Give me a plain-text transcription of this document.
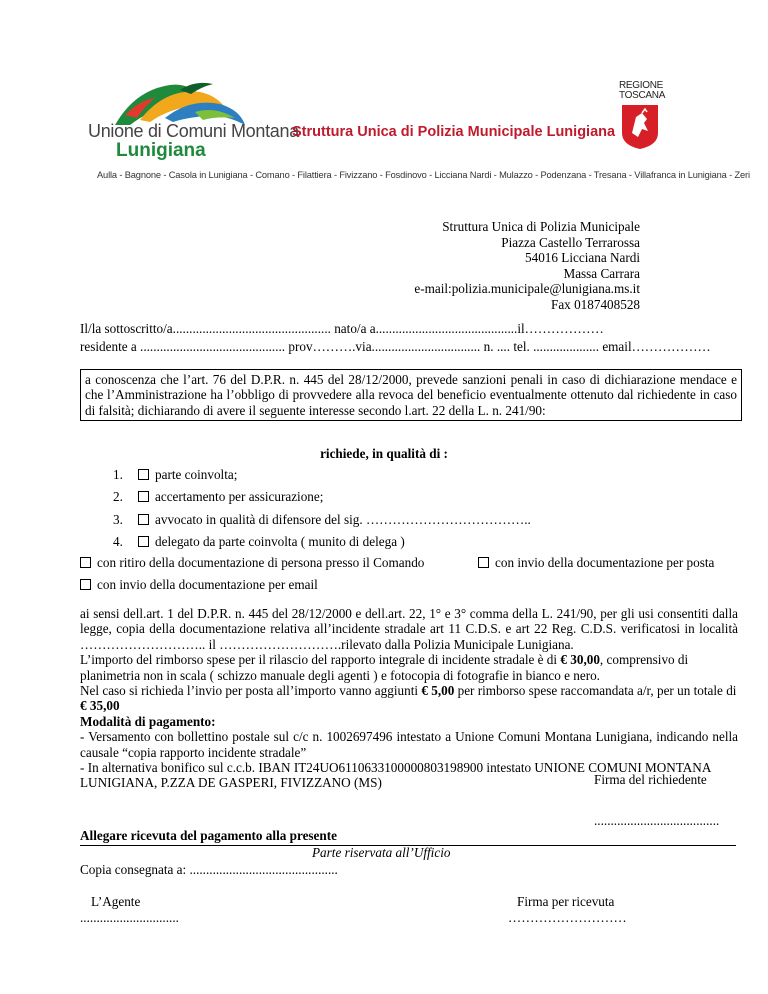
Unione di Comuni Montana
Lunigiana
Struttura Unica di Polizia Municipale Lunigiana
REGIONE
TOSCANA
Aulla - Bagnone - Casola in Lunigiana - Comano - Filattiera - Fivizzano - Fosdinovo - Licciana Nardi - Mulazzo - Podenzana - Tresana - Villafranca in Lunigiana - Zeri
Struttura Unica di Polizia Municipale
Piazza Castello Terrarossa
54016 Licciana Nardi
Massa Carrara
e-mail:polizia.municipale@lunigiana.ms.it
Fax 0187408528
Il/la sottoscritto/a................................................ nato/a a...........................................il………………
residente a ............................................ prov……….via................................. n. .... tel. .................... email………………
a conoscenza che l’art. 76 del D.P.R. n. 445 del 28/12/2000, prevede sanzioni penali in caso di dichiarazione mendace e che l’Amministrazione ha l’obbligo di provvedere alla revoca del beneficio eventualmente ottenuto dal richiedente in caso di falsità; dichiarando di avere il seguente interesse secondo l.art. 22 della L. n. 241/90:
richiede, in qualità di :
1. parte coinvolta;
2. accertamento per assicurazione;
3. avvocato in qualità di difensore del sig. ………………………………..
4. delegato da parte coinvolta ( munito di delega )
con ritiro della documentazione di persona presso il Comando	con invio della documentazione per posta
con invio della documentazione per email

ai sensi dell.art. 1 del D.P.R. n. 445 del 28/12/2000 e dell.art. 22, 1° e 3° comma della L. 241/90, per gli usi consentiti dalla legge, copia della documentazione relativa all’incidente stradale art 11 C.D.S. e art 22 Reg. C.D.S. verificatosi in località ……………………….. il ……………………….rilevato dalla Polizia Municipale Lunigiana.

L’importo del rimborso spese per il rilascio del rapporto integrale di incidente stradale è di € 30,00, comprensivo di planimetria non in scala ( schizzo manuale degli agenti ) e fotocopia di fotografie in bianco e nero.

Nel caso si richieda l’invio per posta all’importo vanno aggiunti € 5,00 per rimborso spese raccomandata a/r, per un totale di € 35,00

Modalità di pagamento:

- Versamento con bollettino postale sul c/c n. 1002697496 intestato a Unione Comuni Montana Lunigiana, indicando nella causale “copia rapporto incidente stradale”

- In alternativa bonifico sul c.c.b. IBAN IT24UO6110633100000803198900 intestato UNIONE COMUNI MONTANA LUNIGIANA, P.ZZA DE GASPERI, FIVIZZANO (MS)	Firma del richiedente
......................................
Allegare ricevuta del pagamento alla presente
Parte riservata all’Ufficio
Copia consegnata a: .............................................
L’Agente
..............................
Firma per ricevuta
………………………
